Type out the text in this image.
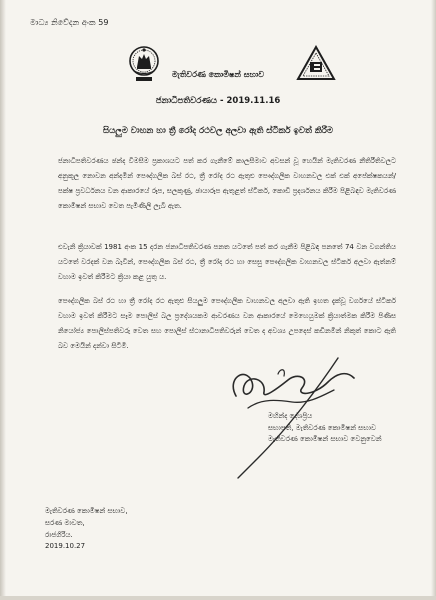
මාධ්‍ය නිවේදන අංක 59
මැතිවරණ කොමිෂන් සභාව
ජනාධිපතිවරණය - 2019.11.16
සියලුම වාහන හා ත්‍රී රෝද රථවල අලවා ඇති ස්ටිකර් ඉවත් කිරීම

ජනාධිපතිවරණය ඡන්ද විමසීම ප්‍රකාශයට පත් කර ගැනීමේ කාලසීමාව අවසන් වූ හෙයින් මැතිවරණ නීතිරීතිවලට අනුකූල නොවන අන්දමින් පෞද්ගලික බස් රථ, ත්‍රී රෝද රථ ඇතුළු පෞද්ගලික වාහනවල එක් එක් අපේක්ෂකයන්/ පක්ෂ ප්‍රවර්ධනය වන ආකාරයේ රූප, සලකුණු, ඡායාරූප ඇතුළත් ස්ටිකර්, කොඩි ප්‍රදර්ශනය කිරීම පිළිබඳව මැතිවරණ කොමිෂන් සභාව වෙත පැමිණිලි ලැබී ඇත.

එවැනි ක්‍රියාවක් 1981 අංක 15 දරන ජනාධිපතිවරණ පනත යටතේ පත් කර ගැනීම පිළිබඳ පනතේ 74 වන වගන්තිය යටතේ වරදක් වන බැවින්, පෞද්ගලික බස් රථ, ත්‍රී රෝද රථ හා සෙසු පෞද්ගලික වාහනවල ස්ටිකර් අලවා ඇත්නම් වහාම ඉවත් කිරීමට ක්‍රියා කළ යුතු ය.

පෞද්ගලික බස් රථ හා ත්‍රී රෝද රථ ඇතුළු සියලුම පෞද්ගලික වාහනවල අලවා ඇති ඉහත දැක්වූ වර්ගයේ ස්ටිකර් වහාම ඉවත් කිරීමට සෑම පොලිස් බල ප්‍රදේශයකම ආවරණය වන ආකාරයේ මෙහෙයුමක් ක්‍රියාත්මක කිරීම පිණිස නියෝජ්‍ය පොලිස්පතිවරු වෙත සහ පොලිස් ස්ථානාධිපතිවරුන් වෙත ද අවශ්‍ය උපදෙස් කඩිනමින් නිකුත් කොට ඇති බව මෙයින් දන්වා සිටිමි.

මහින්ද දේශප්‍රිය
සභාපති, මැතිවරණ කොමිෂන් සභාව
මැතිවරණ කොමිෂන් සභාව වෙනුවෙන්
මැතිවරණ කොමිෂන් සභාව,
සරණ මාවත,
රාජගිරිය.
2019.10.27
